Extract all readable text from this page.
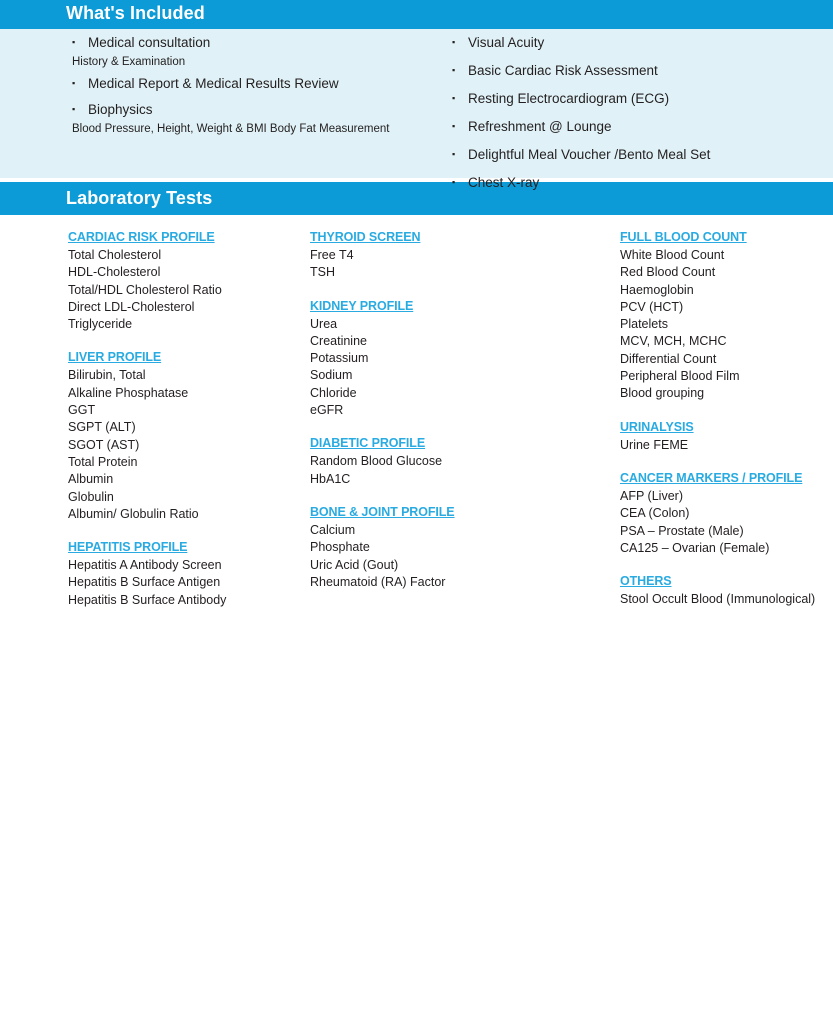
What's Included
▪ Medical consultation
History & Examination
▪ Medical Report & Medical Results Review
▪ Biophysics
Blood Pressure, Height, Weight & BMI Body Fat Measurement
▪ Visual Acuity
▪ Basic Cardiac Risk Assessment
▪ Resting Electrocardiogram (ECG)
▪ Refreshment @ Lounge
▪ Delightful Meal Voucher /Bento Meal Set
▪ Chest X-ray
Laboratory Tests
CARDIAC RISK PROFILE
Total Cholesterol
HDL-Cholesterol
Total/HDL Cholesterol Ratio
Direct LDL-Cholesterol
Triglyceride
LIVER PROFILE
Bilirubin, Total
Alkaline Phosphatase
GGT
SGPT (ALT)
SGOT (AST)
Total Protein
Albumin
Globulin
Albumin/ Globulin Ratio
HEPATITIS PROFILE
Hepatitis A Antibody Screen
Hepatitis B Surface Antigen
Hepatitis B Surface Antibody
THYROID SCREEN
Free T4
TSH
KIDNEY PROFILE
Urea
Creatinine
Potassium
Sodium
Chloride
eGFR
DIABETIC PROFILE
Random Blood Glucose
HbA1C
BONE & JOINT PROFILE
Calcium
Phosphate
Uric Acid (Gout)
Rheumatoid (RA) Factor
FULL BLOOD COUNT
White Blood Count
Red Blood Count
Haemoglobin
PCV (HCT)
Platelets
MCV, MCH, MCHC
Differential Count
Peripheral Blood Film
Blood grouping
URINALYSIS
Urine FEME
CANCER MARKERS / PROFILE
AFP (Liver)
CEA (Colon)
PSA – Prostate (Male)
CA125 – Ovarian (Female)
OTHERS
Stool Occult Blood (Immunological)
